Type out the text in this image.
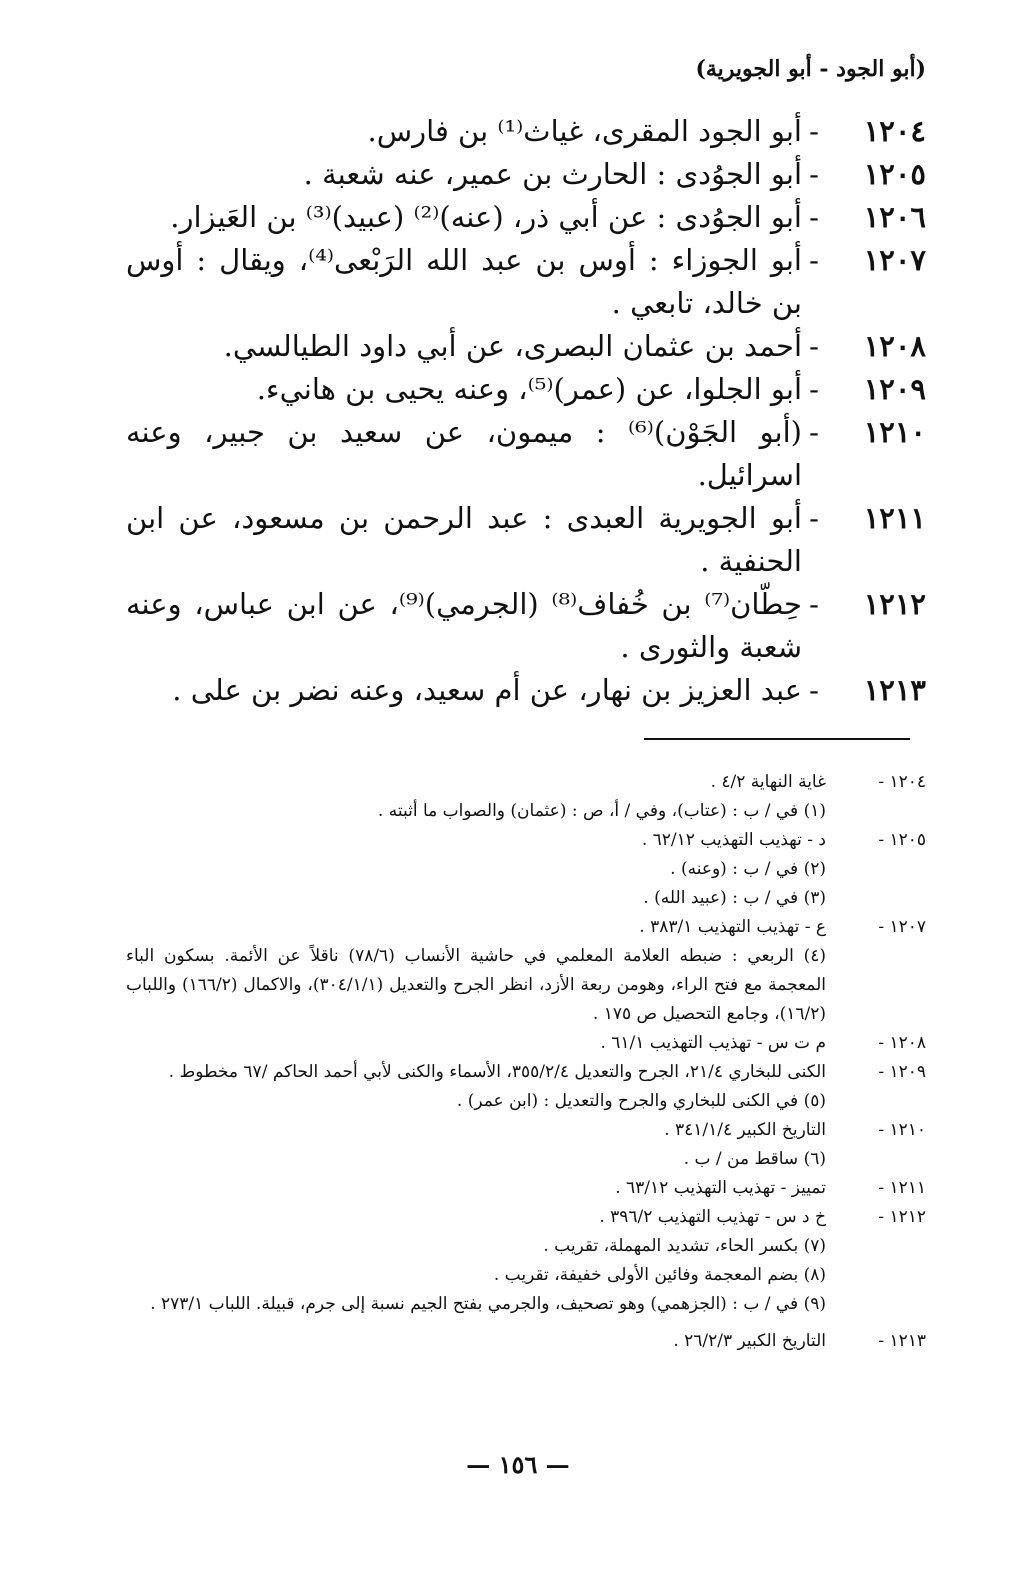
(أبو الجود - أبو الجويرية)
١٢٠٤
-
أبو الجود المقرى، غياث⁽¹⁾ بن فارس.
١٢٠٥
-
أبو الجوُدى : الحارث بن عمير، عنه شعبة .
١٢٠٦
-
أبو الجوُدى : عن أبي ذر، (عنه)⁽²⁾ (عبيد)⁽³⁾ بن العَيزار.
١٢٠٧
-
أبو الجوزاء : أوس بن عبد الله الرَبْعى⁽⁴⁾، ويقال : أوس بن خالد، تابعي .
١٢٠٨
-
أحمد بن عثمان البصرى، عن أبي داود الطيالسي.
١٢٠٩
-
أبو الجلوا، عن (عمر)⁽⁵⁾، وعنه يحيى بن هانيء.
١٢١٠
-
(أبو الجَوْن)⁽⁶⁾ : ميمون، عن سعيد بن جبير، وعنه اسرائيل.
١٢١١
-
أبو الجويرية العبدى : عبد الرحمن بن مسعود، عن ابن الحنفية .
١٢١٢
-
حِطّان⁽⁷⁾ بن خُفاف⁽⁸⁾ (الجرمي)⁽⁹⁾، عن ابن عباس، وعنه شعبة والثورى .
١٢١٣
-
عبد العزيز بن نهار، عن أم سعيد، وعنه نضر بن على .
١٢٠٤ -
غاية النهاية ٤/٢ .
(١) في / ب : (عتاب)، وفي / أ، ص : (عثمان) والصواب ما أثبته .
١٢٠٥ -
د - تهذيب التهذيب ٦٢/١٢ .
(٢) في / ب : (وعنه) .
(٣) في / ب : (عبيد الله) .
١٢٠٧ -
ع - تهذيب التهذيب ٣٨٣/١ .
(٤) الربعي : ضبطه العلامة المعلمي في حاشية الأنساب (٧٨/٦) ناقلاً عن الأئمة. بسكون الباء المعجمة مع فتح الراء، وهومن ربعة الأزد، انظر الجرح والتعديل (٣٠٤/١/١)، والاكمال (١٦٦/٢) واللباب (١٦/٢)، وجامع التحصيل ص ١٧٥ .
١٢٠٨ -
م ت س - تهذيب التهذيب ٦١/١ .
١٢٠٩ -
الكنى للبخاري ٢١/٤، الجرح والتعديل ٣٥٥/٢/٤، الأسماء والكنى لأبي أحمد الحاكم /٦٧ مخطوط .
(٥) في الكنى للبخاري والجرح والتعديل : (ابن عمر) .
١٢١٠ -
التاريخ الكبير ٣٤١/١/٤ .
(٦) ساقط من / ب .
١٢١١ -
تمييز - تهذيب التهذيب ٦٣/١٢ .
١٢١٢ -
خ د س - تهذيب التهذيب ٣٩٦/٢ .
(٧) بكسر الحاء، تشديد المهملة، تقريب .
(٨) بضم المعجمة وفائين الأولى خفيفة، تقريب .
(٩) في / ب : (الجزهمي) وهو تصحيف، والجرمي بفتح الجيم نسبة إلى جرم، قبيلة. اللباب ٢٧٣/١ .
١٢١٣ -
التاريخ الكبير ٢٦/٢/٣ .
— ١٥٦ —
